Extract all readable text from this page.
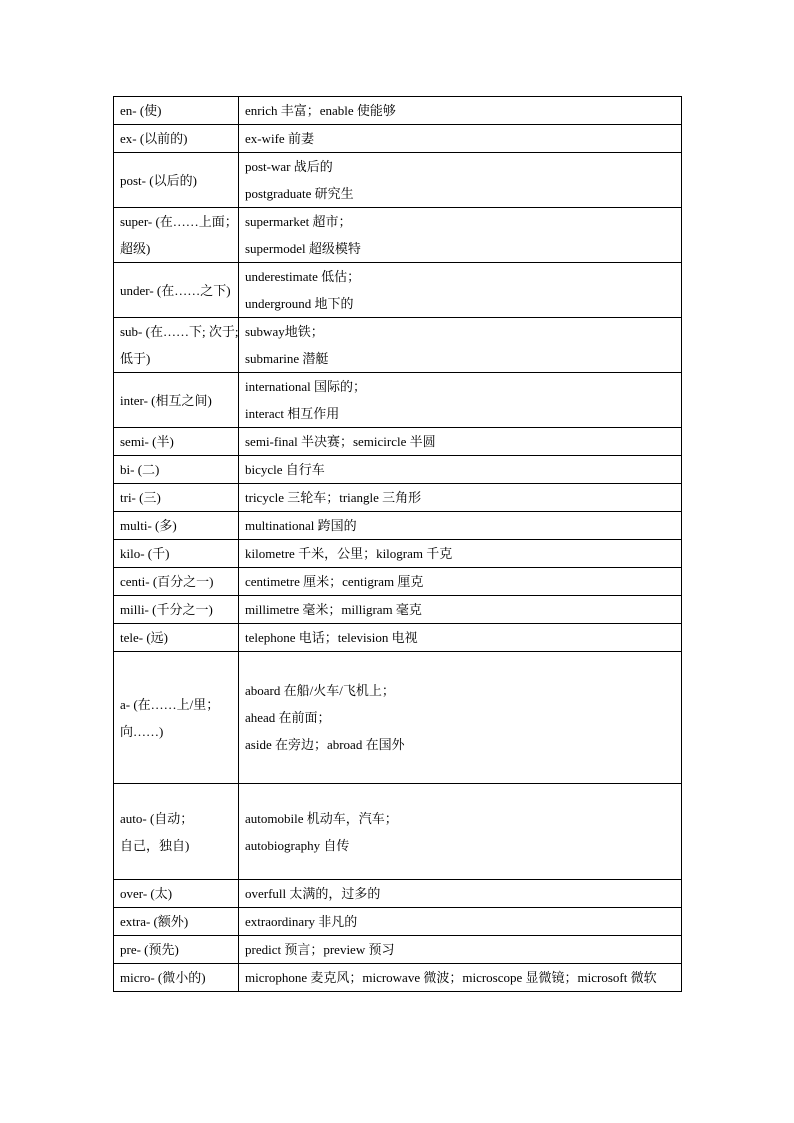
en- (使)	enrich 丰富；enable 使能够

ex- (以前的)	ex-wife 前妻

post- (以后的)	post-war 战后的
postgraduate 研究生

super- (在……上面；
超级)	supermarket 超市；
supermodel 超级模特

under- (在……之下)	underestimate 低估；
underground 地下的

sub- (在……下; 次于;
低于)	subway地铁；
submarine 潜艇

inter- (相互之间)	international 国际的；
interact 相互作用

semi- (半)	semi-final 半决赛；semicircle 半圆

bi- (二)	bicycle 自行车

tri- (三)	tricycle 三轮车；triangle 三角形

multi- (多)	multinational 跨国的

kilo- (千)	kilometre 千米，公里；kilogram 千克

centi- (百分之一)	centimetre 厘米；centigram 厘克

milli- (千分之一)	millimetre 毫米；milligram 毫克

tele- (远)	telephone 电话；television 电视

a- (在……上/里；
向……)	aboard 在船/火车/飞机上；
ahead 在前面；
aside 在旁边；abroad 在国外

auto- (自动；
自己，独自)	automobile 机动车，汽车；
autobiography 自传

over- (太)	overfull 太满的，过多的

extra- (额外)	extraordinary 非凡的

pre- (预先)	predict 预言；preview 预习

micro- (微小的)	microphone 麦克风；microwave 微波；microscope 显微镜；microsoft 微软
